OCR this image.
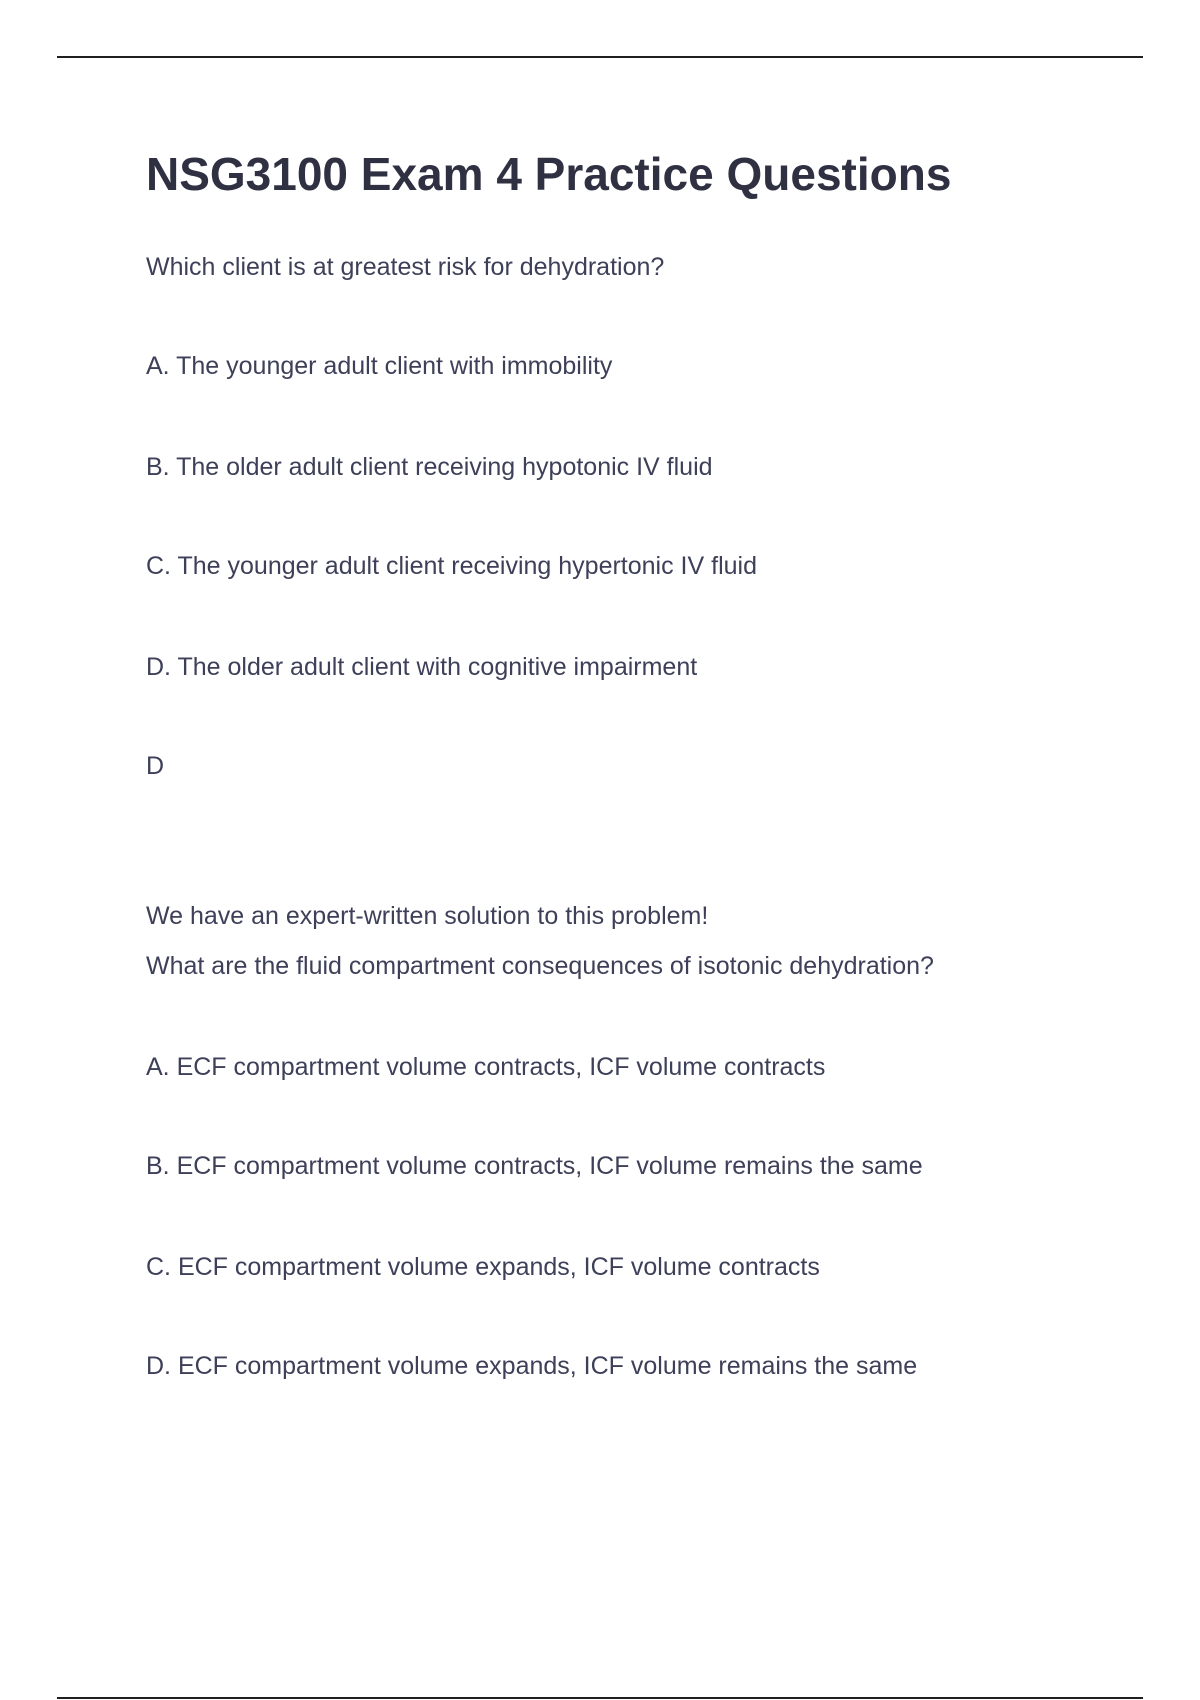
NSG3100 Exam 4 Practice Questions

Which client is at greatest risk for dehydration?

A. The younger adult client with immobility

B. The older adult client receiving hypotonic IV fluid

C. The younger adult client receiving hypertonic IV fluid

D. The older adult client with cognitive impairment

D

We have an expert-written solution to this problem!

What are the fluid compartment consequences of isotonic dehydration?

A. ECF compartment volume contracts, ICF volume contracts

B. ECF compartment volume contracts, ICF volume remains the same

C. ECF compartment volume expands, ICF volume contracts

D. ECF compartment volume expands, ICF volume remains the same
